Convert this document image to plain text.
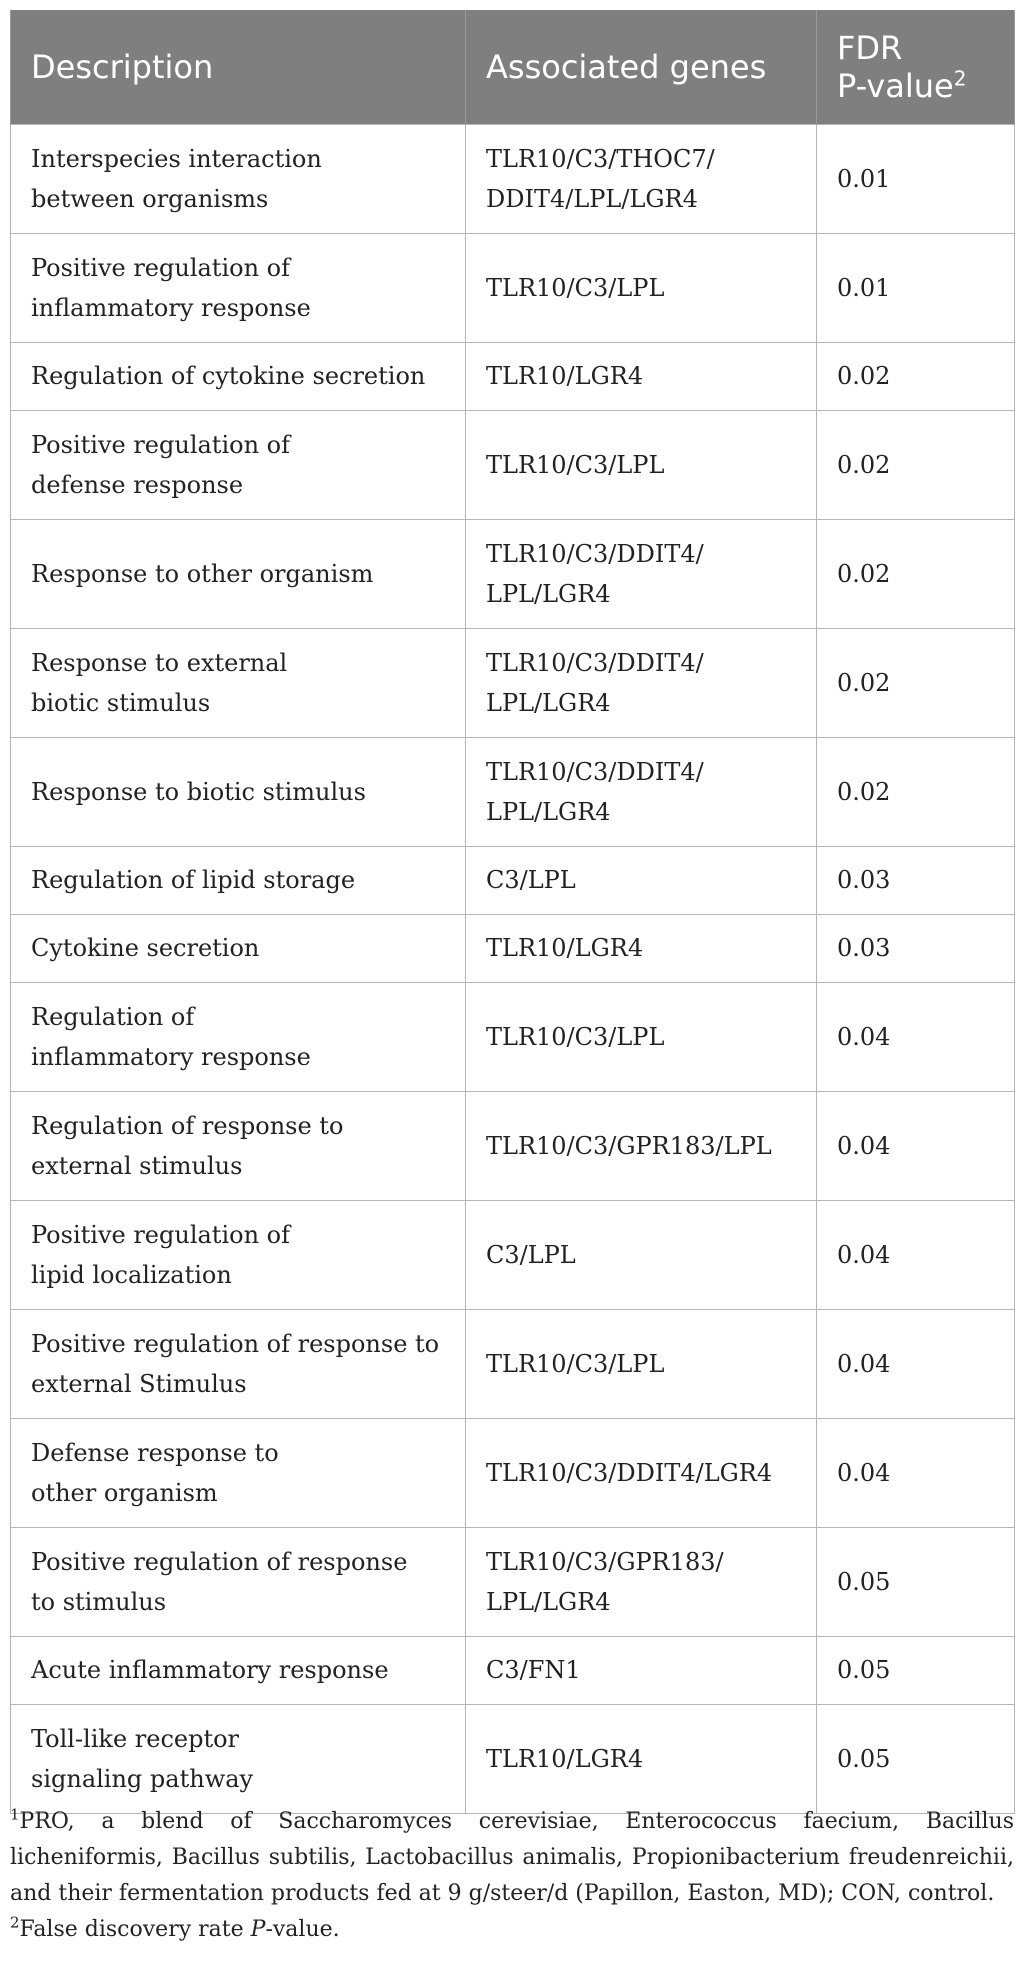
Description	Associated genes	FDR
P-value$^2$
Interspecies interaction
between organisms	TLR10/C3/THOC7/
DDIT4/LPL/LGR4	0.01
Positive regulation of
inflammatory response	TLR10/C3/LPL	0.01
Regulation of cytokine secretion	TLR10/LGR4	0.02
Positive regulation of
defense response	TLR10/C3/LPL	0.02
Response to other organism	TLR10/C3/DDIT4/
LPL/LGR4	0.02
Response to external
biotic stimulus	TLR10/C3/DDIT4/
LPL/LGR4	0.02
Response to biotic stimulus	TLR10/C3/DDIT4/
LPL/LGR4	0.02
Regulation of lipid storage	C3/LPL	0.03
Cytokine secretion	TLR10/LGR4	0.03
Regulation of
inflammatory response	TLR10/C3/LPL	0.04
Regulation of response to
external stimulus	TLR10/C3/GPR183/LPL	0.04
Positive regulation of
lipid localization	C3/LPL	0.04
Positive regulation of response to
external Stimulus	TLR10/C3/LPL	0.04
Defense response to
other organism	TLR10/C3/DDIT4/LGR4	0.04
Positive regulation of response
to stimulus	TLR10/C3/GPR183/
LPL/LGR4	0.05
Acute inflammatory response	C3/FN1	0.05
Toll-like receptor
signaling pathway	TLR10/LGR4	0.05

$^1$PRO, a blend of Saccharomyces cerevisiae, Enterococcus faecium, Bacillus licheniformis, Bacillus subtilis, Lactobacillus animalis, Propionibacterium freudenreichii, and their fermentation products fed at 9 g/steer/d (Papillon, Easton, MD); CON, control.

$^2$False discovery rate P-value.
